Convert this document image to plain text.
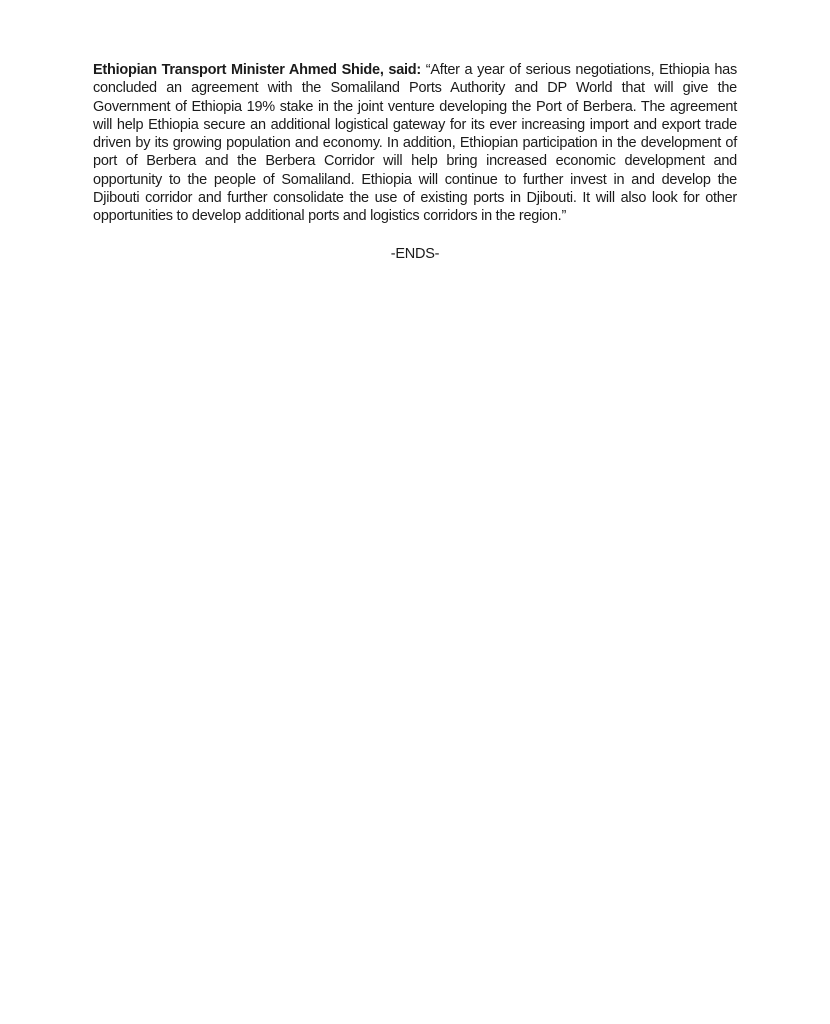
Ethiopian Transport Minister Ahmed Shide, said: “After a year of serious negotiations, Ethiopia has concluded an agreement with the Somaliland Ports Authority and DP World that will give the Government of Ethiopia 19% stake in the joint venture developing the Port of Berbera. The agreement will help Ethiopia secure an additional logistical gateway for its ever increasing import and export trade driven by its growing population and economy. In addition, Ethiopian participation in the development of port of Berbera and the Berbera Corridor will help bring increased economic development and opportunity to the people of Somaliland. Ethiopia will continue to further invest in and develop the Djibouti corridor and further consolidate the use of existing ports in Djibouti. It will also look for other opportunities to develop additional ports and logistics corridors in the region.”

-ENDS-
